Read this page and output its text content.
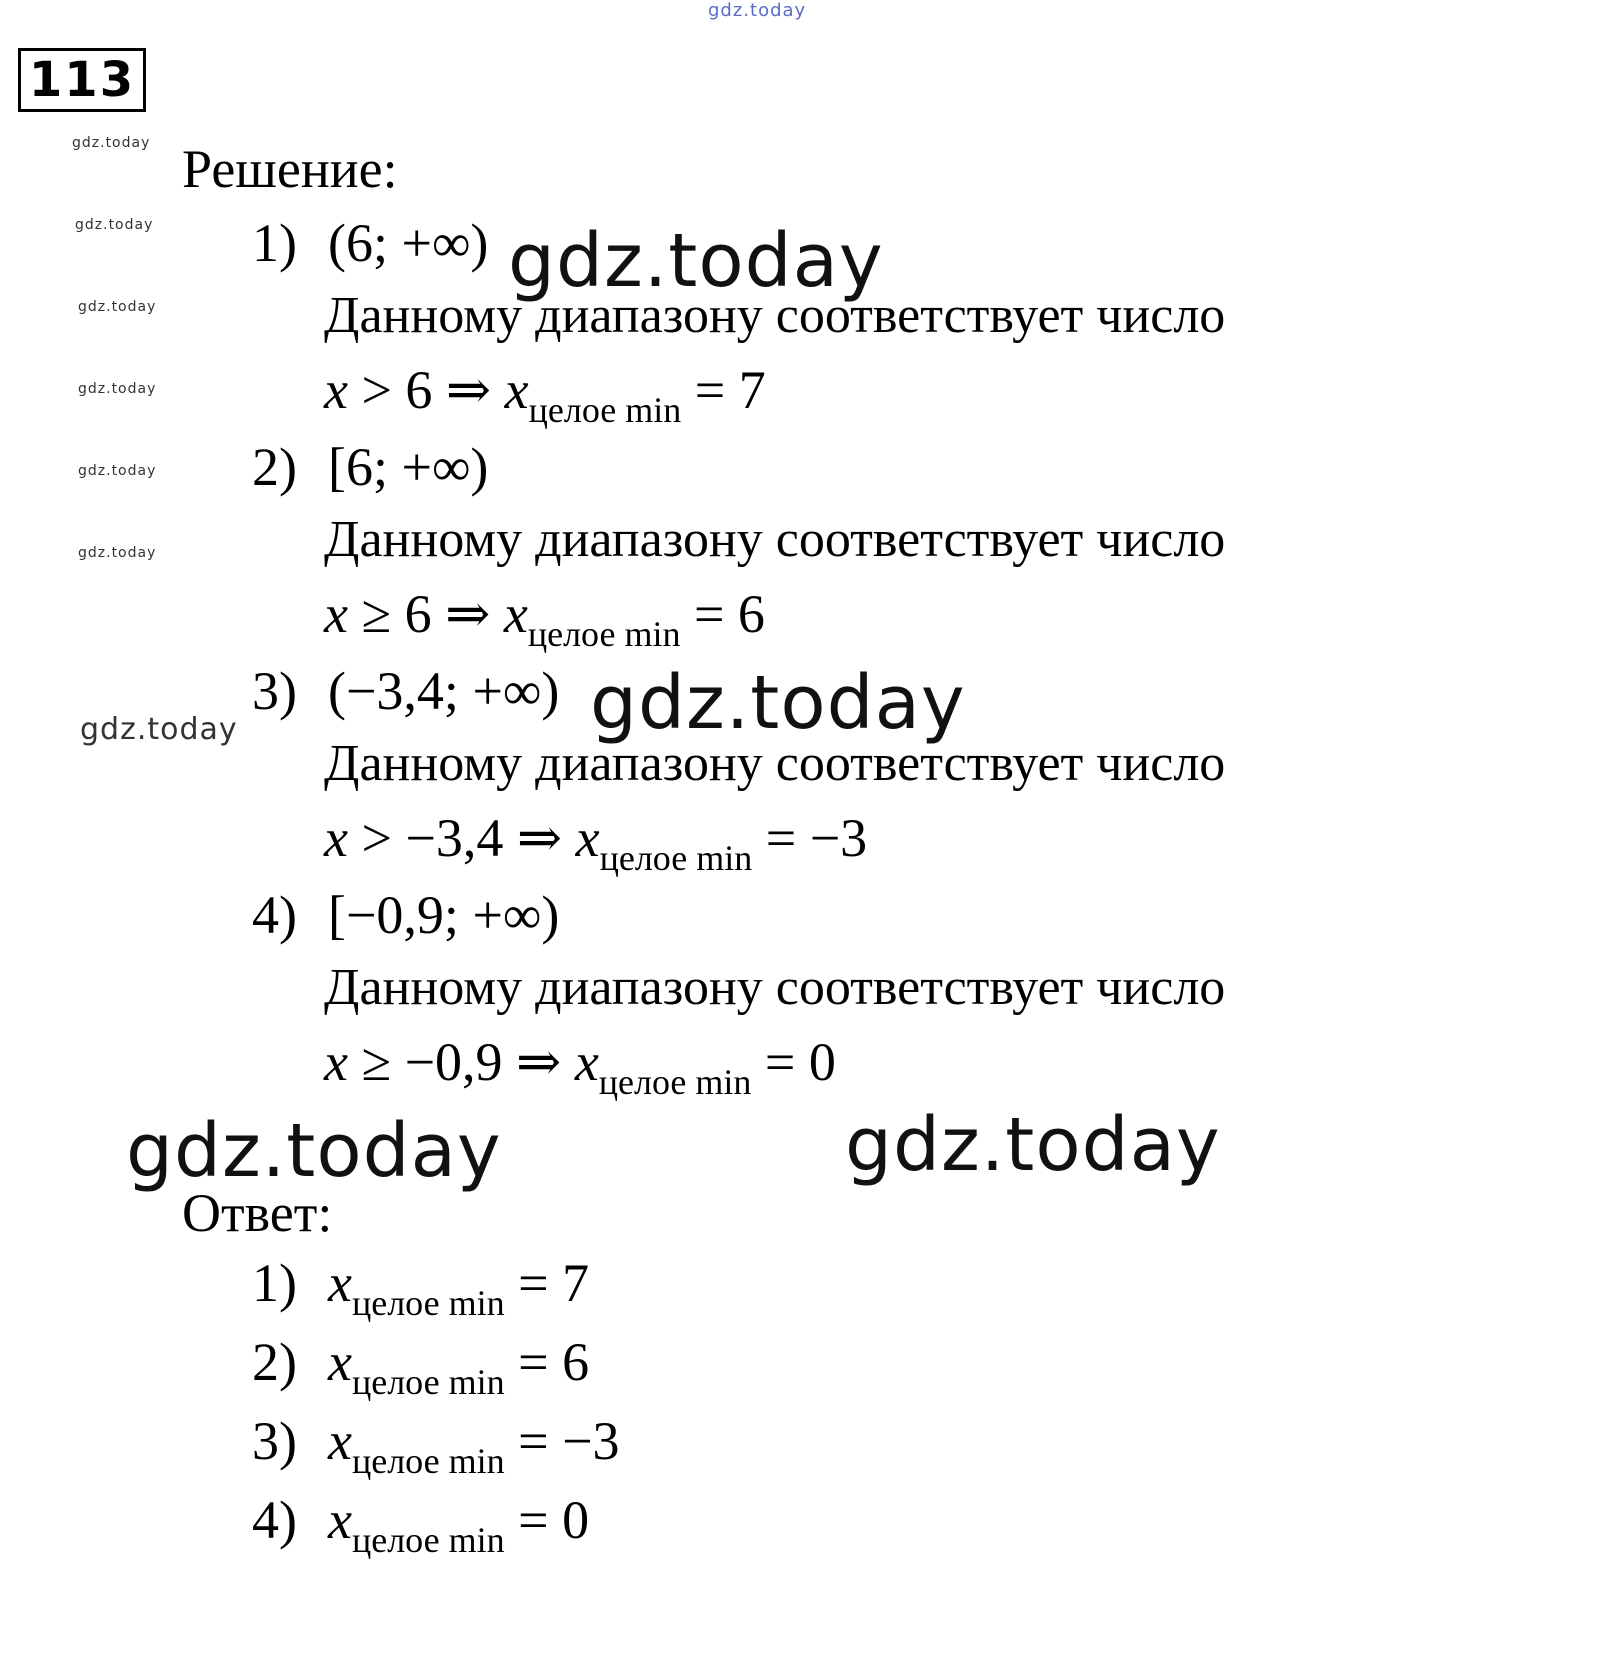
gdz.today
113
gdz.today
gdz.today
gdz.today
gdz.today
gdz.today
gdz.today
gdz.today
gdz.today
gdz.today
gdz.today	gdz.today
Решение:
1) (6; +∞)
Данному диапазону соответствует число
x > 6 ⇒ $x_{целое min} = 7$
2) [6; +∞)
Данному диапазону соответствует число
x ≥ 6 ⇒ $x_{целое min} = 6$
3) (−3,4; +∞)
Данному диапазону соответствует число
x > −3,4 ⇒ $x_{целое min} = -3$
4) [−0,9; +∞)
Данному диапазону соответствует число
x ≥ −0,9 ⇒ $x_{целое min} = 0$
Ответ:
1) $x_{целое min} = 7$
2) $x_{целое min} = 6$
3) $x_{целое min} = -3$
4) $x_{целое min} = 0$
